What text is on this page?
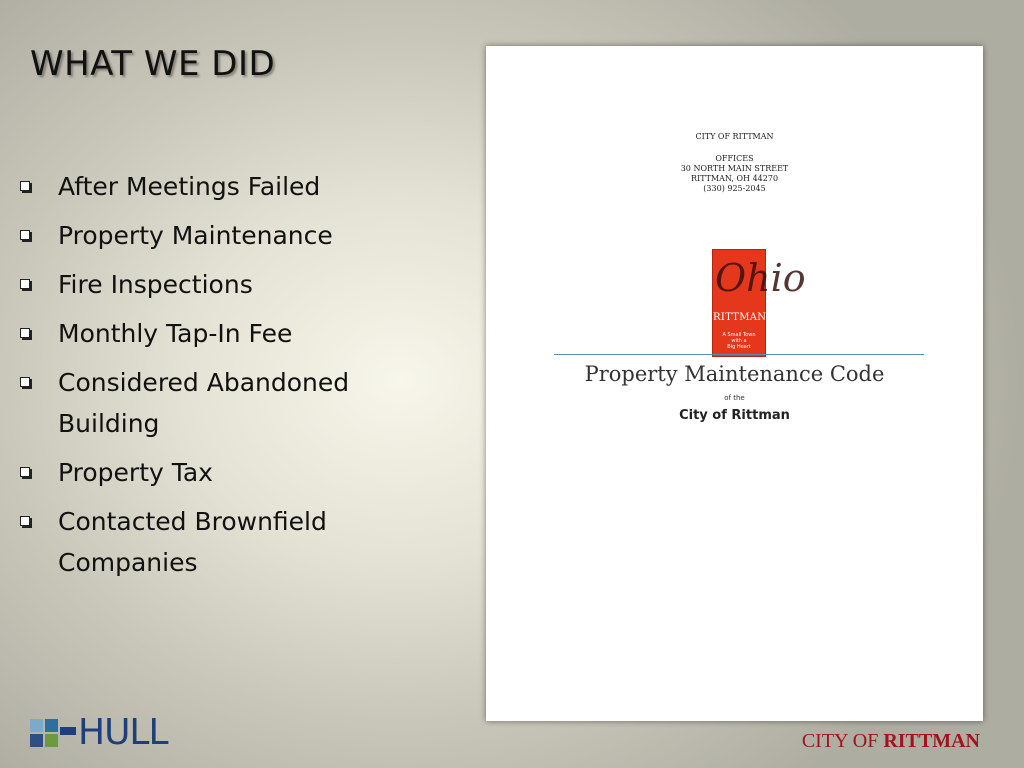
WHAT WE DID
After Meetings Failed
Property Maintenance
Fire Inspections
Monthly Tap-In Fee
Considered Abandoned Building
Property Tax
Contacted Brownfield Companies
CITY OF RITTMAN
OFFICES
30 NORTH MAIN STREET
RITTMAN, OH 44270
(330) 925-2045
Ohio
RITTMAN
A Small Town
with a
Big Heart
Property Maintenance Code
of the
City of Rittman
HULL	CITY OF RITTMAN
